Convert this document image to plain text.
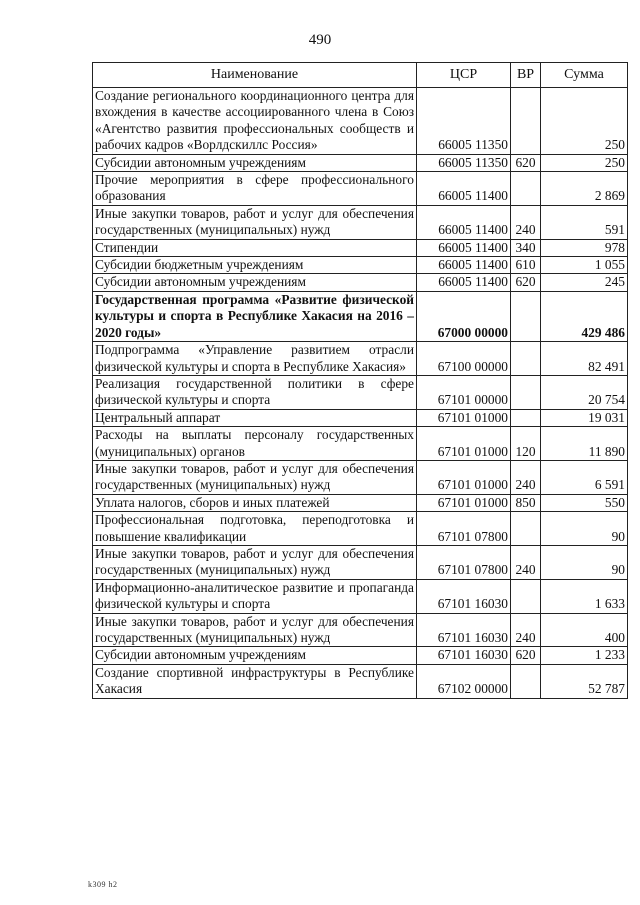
490
Наименование	ЦСР	ВР	Сумма
Создание регионального координационного центра для вхождения в качестве ассоциированного члена в Союз «Агентство развития профессиональных сообществ и рабочих кадров «Ворлдскиллс Россия»	66005 11350		250
Субсидии автономным учреждениям	66005 11350	620	250
Прочие мероприятия в сфере профессионального образования	66005 11400		2 869
Иные закупки товаров, работ и услуг для обеспечения государственных (муниципальных) нужд	66005 11400	240	591
Стипендии	66005 11400	340	978
Субсидии бюджетным учреждениям	66005 11400	610	1 055
Субсидии автономным учреждениям	66005 11400	620	245
Государственная программа «Развитие физической культуры и спорта в Республике Хакасия на 2016 – 2020 годы»	67000 00000		429 486
Подпрограмма «Управление развитием отрасли физической культуры и спорта в Республике Хакасия»	67100 00000		82 491
Реализация государственной политики в сфере физической культуры и спорта	67101 00000		20 754
Центральный аппарат	67101 01000		19 031
Расходы на выплаты персоналу государственных (муниципальных) органов	67101 01000	120	11 890
Иные закупки товаров, работ и услуг для обеспечения государственных (муниципальных) нужд	67101 01000	240	6 591
Уплата налогов, сборов и иных платежей	67101 01000	850	550
Профессиональная подготовка, переподготовка и повышение квалификации	67101 07800		90
Иные закупки товаров, работ и услуг для обеспечения государственных (муниципальных) нужд	67101 07800	240	90
Информационно-аналитическое развитие и пропаганда физической культуры и спорта	67101 16030		1 633
Иные закупки товаров, работ и услуг для обеспечения государственных (муниципальных) нужд	67101 16030	240	400
Субсидии автономным учреждениям	67101 16030	620	1 233
Создание спортивной инфраструктуры в Республике Хакасия	67102 00000		52 787
k309 h2
